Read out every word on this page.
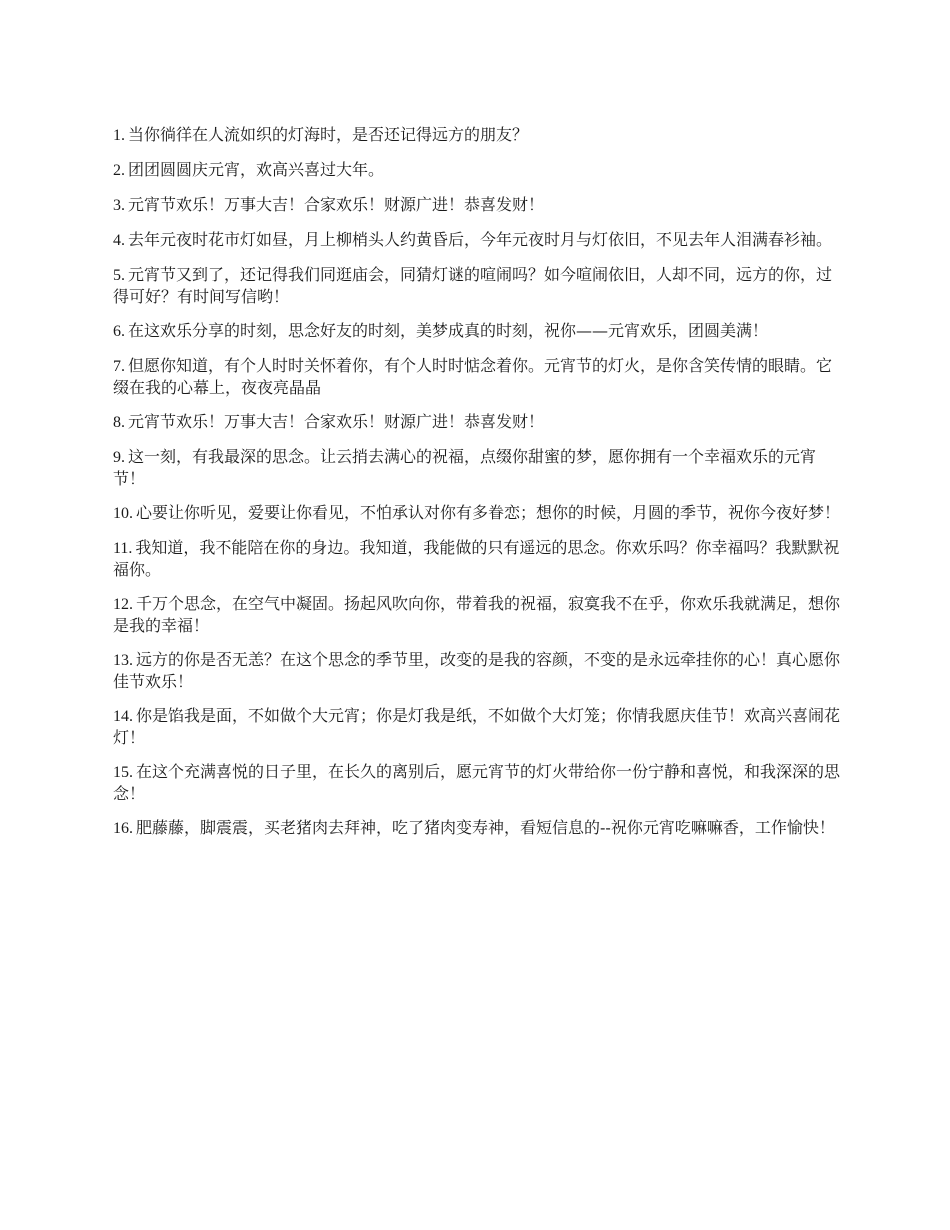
1. 当你徜徉在人流如织的灯海时，是否还记得远方的朋友？

2. 团团圆圆庆元宵，欢高兴喜过大年。

3. 元宵节欢乐！万事大吉！合家欢乐！财源广进！恭喜发财！

4. 去年元夜时花市灯如昼，月上柳梢头人约黄昏后，今年元夜时月与灯依旧，不见去年人泪满春衫袖。

5. 元宵节又到了，还记得我们同逛庙会，同猜灯谜的喧闹吗？如今喧闹依旧，人却不同，远方的你，过得可好？有时间写信哟！

6. 在这欢乐分享的时刻，思念好友的时刻，美梦成真的时刻，祝你——元宵欢乐，团圆美满！

7. 但愿你知道，有个人时时关怀着你，有个人时时惦念着你。元宵节的灯火，是你含笑传情的眼睛。它缀在我的心幕上，夜夜亮晶晶

8. 元宵节欢乐！万事大吉！合家欢乐！财源广进！恭喜发财！

9. 这一刻，有我最深的思念。让云捎去满心的祝福，点缀你甜蜜的梦，愿你拥有一个幸福欢乐的元宵节！

10. 心要让你听见，爱要让你看见，不怕承认对你有多眷恋；想你的时候，月圆的季节，祝你今夜好梦！

11. 我知道，我不能陪在你的身边。我知道，我能做的只有遥远的思念。你欢乐吗？你幸福吗？我默默祝福你。

12. 千万个思念，在空气中凝固。扬起风吹向你，带着我的祝福，寂寞我不在乎，你欢乐我就满足，想你是我的幸福！

13. 远方的你是否无恙？在这个思念的季节里，改变的是我的容颜，不变的是永远牵挂你的心！真心愿你佳节欢乐！

14. 你是馅我是面，不如做个大元宵；你是灯我是纸，不如做个大灯笼；你情我愿庆佳节！欢高兴喜闹花灯！

15. 在这个充满喜悦的日子里，在长久的离别后，愿元宵节的灯火带给你一份宁静和喜悦，和我深深的思念！

16. 肥藤藤，脚震震，买老猪肉去拜神，吃了猪肉变寿神，看短信息的--祝你元宵吃嘛嘛香，工作愉快！
